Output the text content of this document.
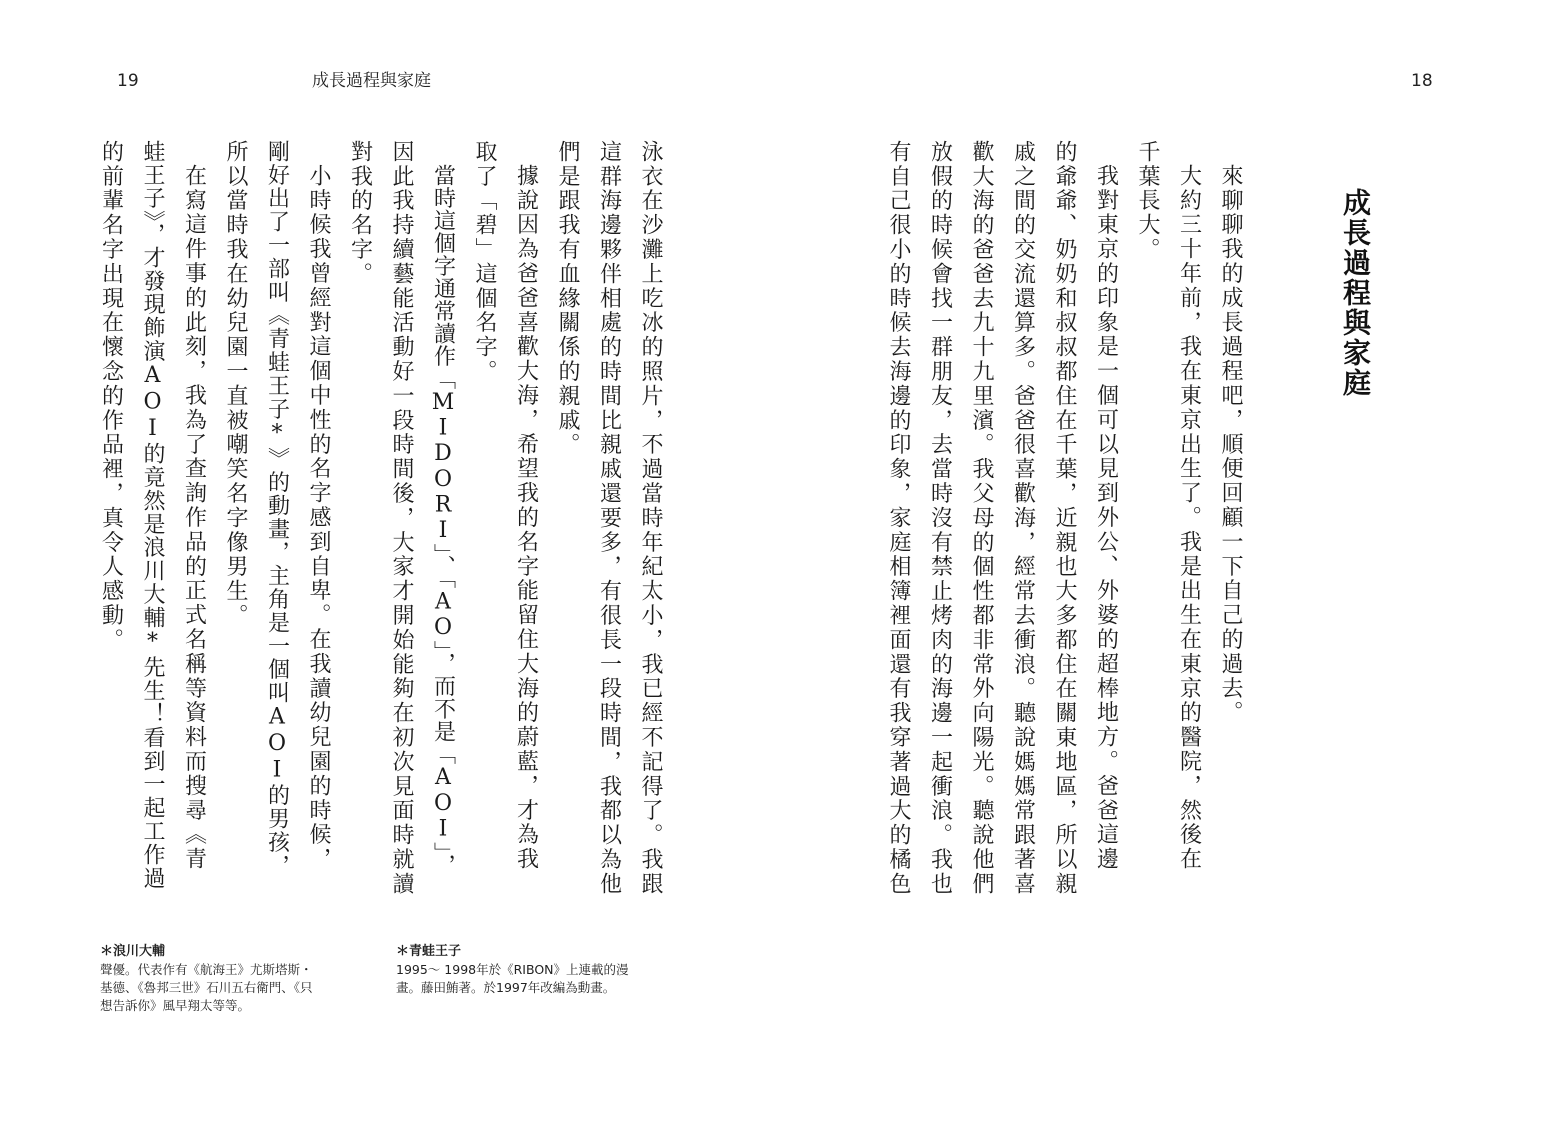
19	成長過程與家庭	18
成長過程與家庭
來聊聊我的成長過程吧，順便回顧一下自己的過去。
大約三十年前，我在東京出生了。我是出生在東京的醫院，然後在
千葉長大。
我對東京的印象是一個可以見到外公、外婆的超棒地方。爸爸這邊
的爺爺、奶奶和叔叔都住在千葉，近親也大多都住在關東地區，所以親
戚之間的交流還算多。爸爸很喜歡海，經常去衝浪。聽說媽媽常跟著喜
歡大海的爸爸去九十九里濱。我父母的個性都非常外向陽光。聽說他們
放假的時候會找一群朋友，去當時沒有禁止烤肉的海邊一起衝浪。我也
有自己很小的時候去海邊的印象，家庭相簿裡面還有我穿著過大的橘色
泳衣在沙灘上吃冰的照片，不過當時年紀太小，我已經不記得了。我跟
這群海邊夥伴相處的時間比親戚還要多，有很長一段時間，我都以為他
們是跟我有血緣關係的親戚。
據說因為爸爸喜歡大海，希望我的名字能留住大海的蔚藍，才為我
取了「碧」這個名字。
當時這個字通常讀作「MIDORI」、「AO」，而不是「AOI」，
因此我持續藝能活動好一段時間後，大家才開始能夠在初次見面時就讀
對我的名字。
小時候我曾經對這個中性的名字感到自卑。在我讀幼兒園的時候，
剛好出了一部叫《青蛙王子*》的動畫，主角是一個叫AOI的男孩，
所以當時我在幼兒園一直被嘲笑名字像男生。
在寫這件事的此刻，我為了查詢作品的正式名稱等資料而搜尋《青
蛙王子》，才發現飾演AOI的竟然是浪川大輔*先生！看到一起工作過
的前輩名字出現在懷念的作品裡，真令人感動。
＊浪川大輔
聲優。代表作有《航海王》尤斯塔斯・
基德、《魯邦三世》石川五右衛門、《只
想告訴你》風早翔太等等。
＊青蛙王子
1995～ 1998年於《RIBON》上連載的漫
畫。藤田鮪著。於1997年改編為動畫。
